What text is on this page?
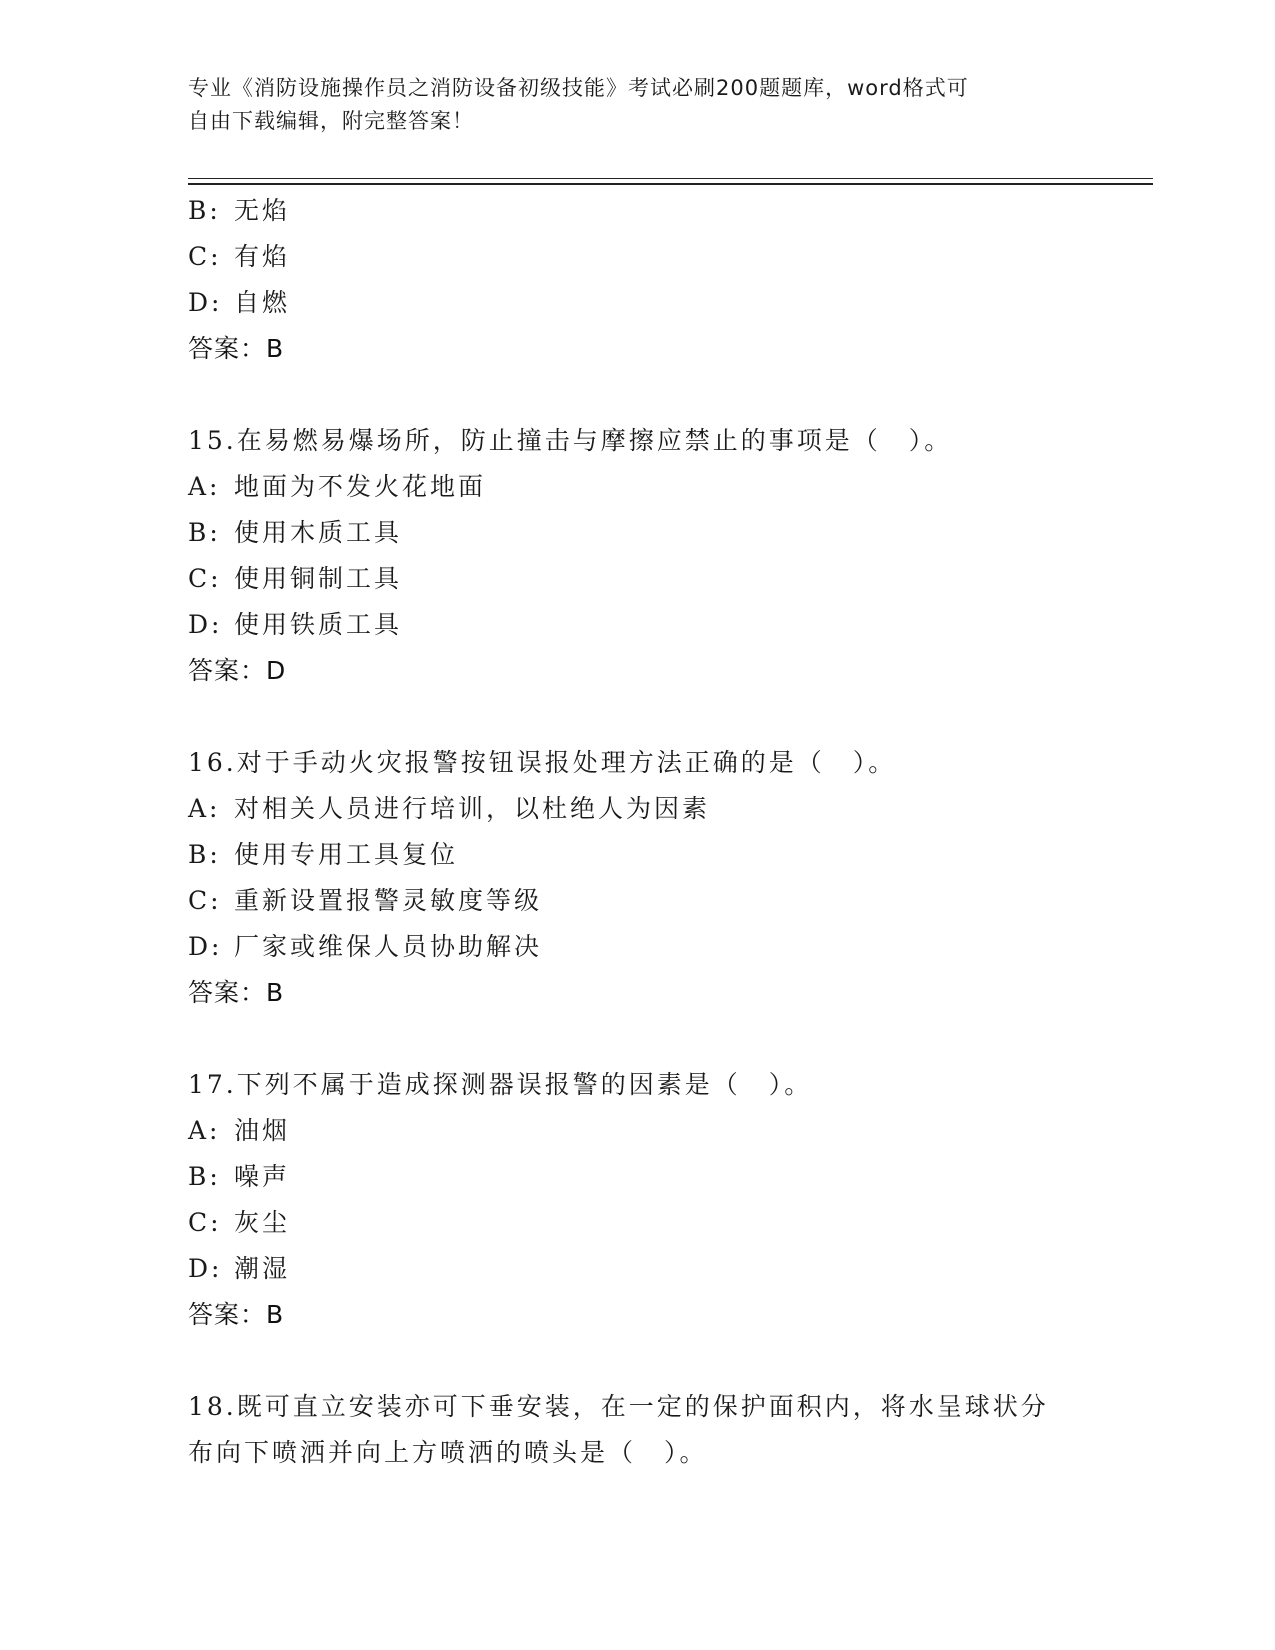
专业《消防设施操作员之消防设备初级技能》考试必刷200题题库，word格式可
自由下载编辑，附完整答案！
B: 无焰
C: 有焰
D: 自燃
答案：B
15.在易燃易爆场所，防止撞击与摩擦应禁止的事项是（　）。
A: 地面为不发火花地面
B: 使用木质工具
C: 使用铜制工具
D: 使用铁质工具
答案：D
16.对于手动火灾报警按钮误报处理方法正确的是（　）。
A: 对相关人员进行培训，以杜绝人为因素
B: 使用专用工具复位
C: 重新设置报警灵敏度等级
D: 厂家或维保人员协助解决
答案：B
17.下列不属于造成探测器误报警的因素是（　）。
A: 油烟
B: 噪声
C: 灰尘
D: 潮湿
答案：B
18.既可直立安装亦可下垂安装，在一定的保护面积内，将水呈球状分
布向下喷洒并向上方喷洒的喷头是（　）。
